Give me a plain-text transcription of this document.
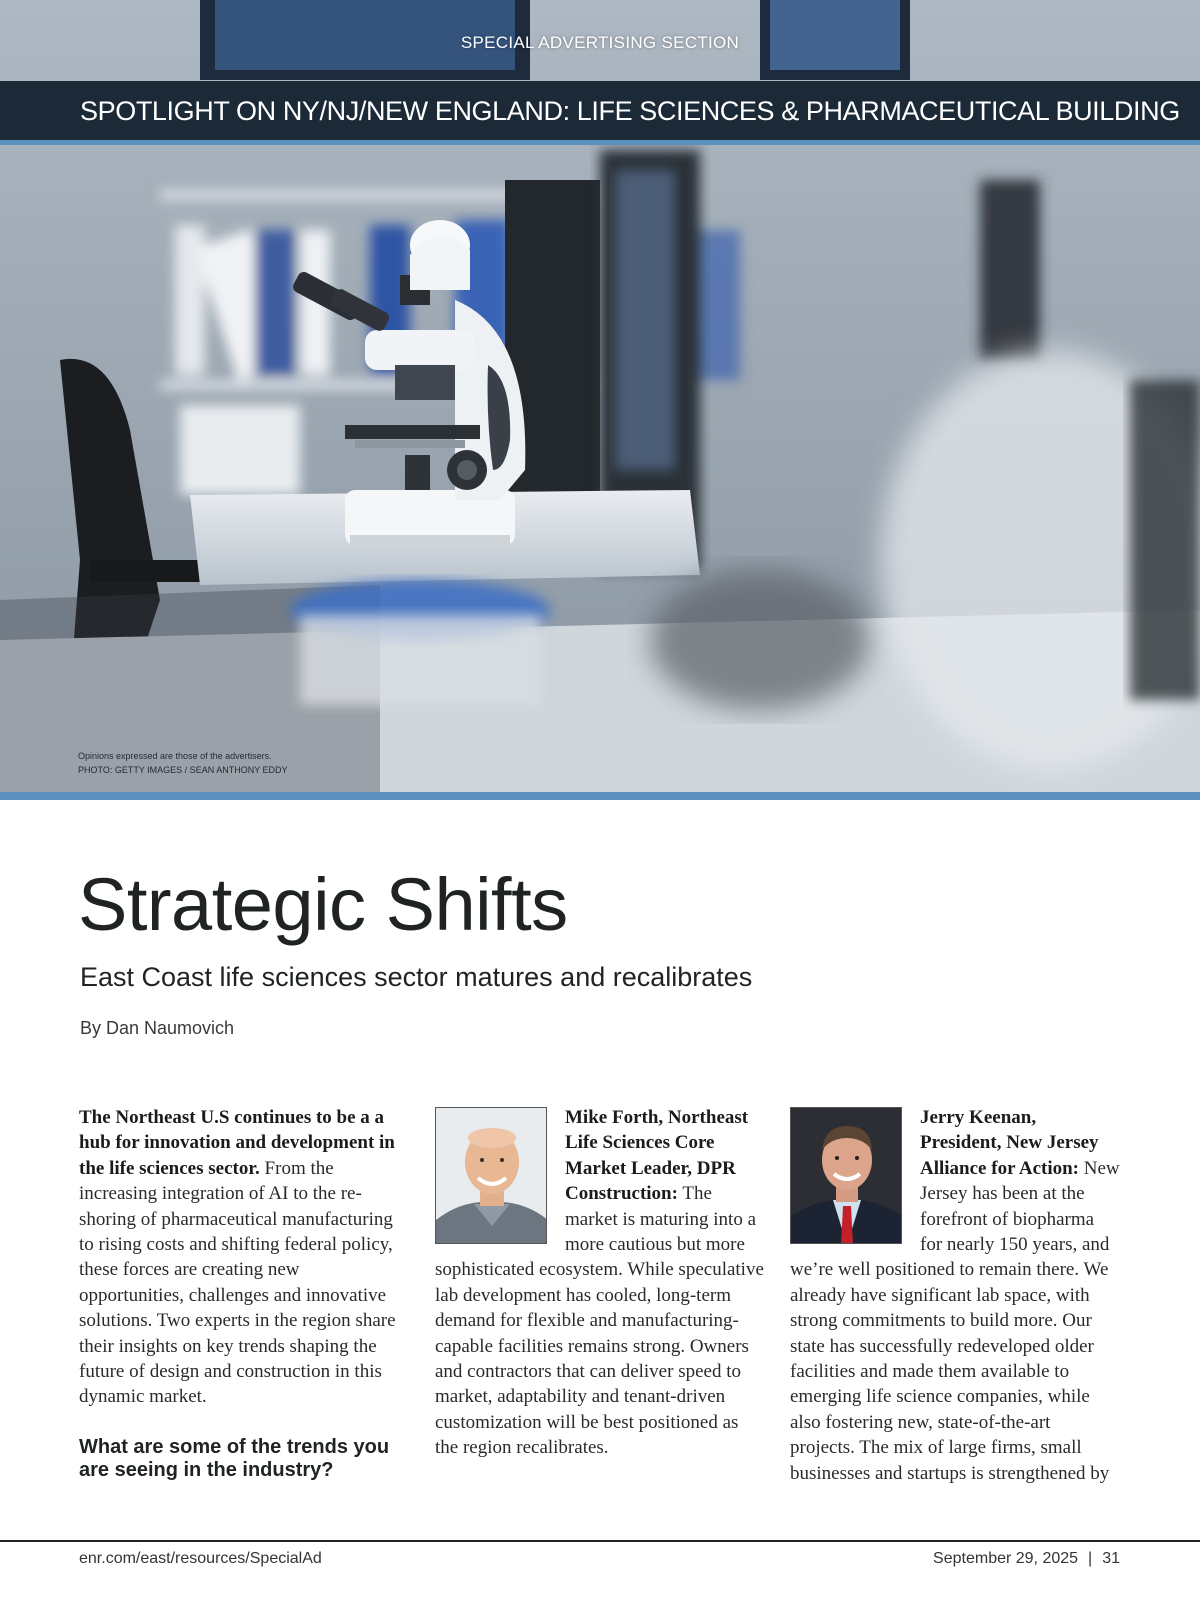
SPECIAL ADVERTISING SECTION
SPOTLIGHT ON NY/NJ/NEW ENGLAND: LIFE SCIENCES & PHARMACEUTICAL BUILDING
Opinions expressed are those of the advertisers.
PHOTO: GETTY IMAGES / SEAN ANTHONY EDDY
Strategic Shifts
East Coast life sciences sector matures and recalibrates
By Dan Naumovich

The Northeast U.S continues to be a a hub for innovation and development in the life sciences sector. From the increasing integration of AI to the re-shoring of pharmaceutical manufacturing to rising costs and shifting federal policy, these forces are creating new opportunities, challenges and innovative solutions. Two experts in the region share their insights on key trends shaping the future of design and construction in this dynamic market.

What are some of the trends you are seeing in the industry?

Mike Forth, Northeast Life Sciences Core Market Leader, DPR Construction: The market is maturing into a more cautious but more sophisticated ecosystem. While speculative lab development has cooled, long-term demand for flexible and manufacturing-capable facilities remains strong. Owners and contractors that can deliver speed to market, adaptability and tenant-driven customization will be best positioned as the region recalibrates.

Jerry Keenan, President, New Jersey Alliance for Action: New Jersey has been at the forefront of biopharma for nearly 150 years, and we’re well positioned to remain there. We already have significant lab space, with strong commitments to build more. Our state has successfully redeveloped older facilities and made them available to emerging life science companies, while also fostering new, state-of-the-art projects. The mix of large firms, small businesses and startups is strengthened by

enr.com/east/resources/SpecialAd	September 29, 2025 | 31
